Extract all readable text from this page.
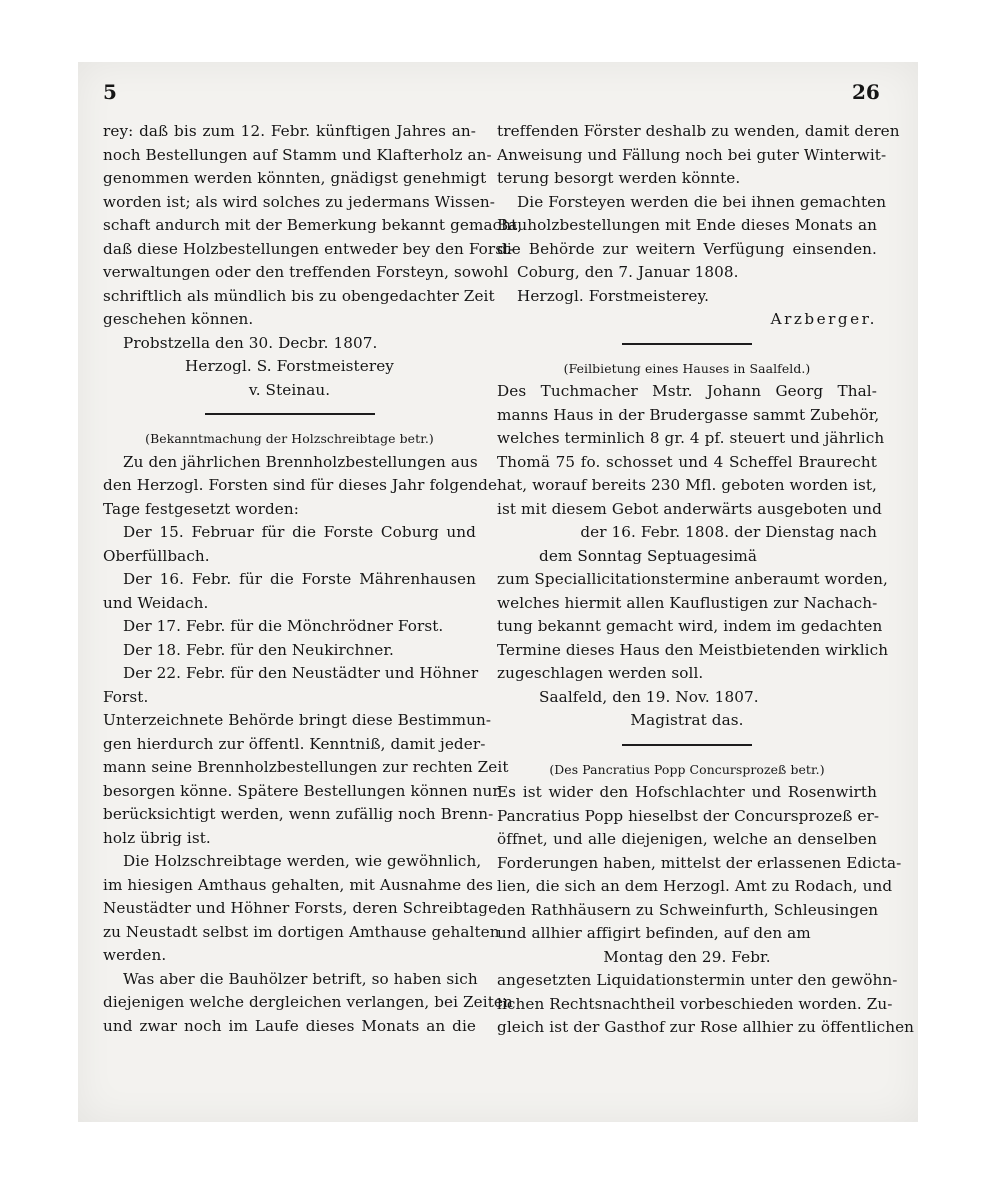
5	26
rey: daß bis zum 12. Febr. künftigen Jahres an-
noch Bestellungen auf Stamm und Klafterholz an-
genommen werden könnten, gnädigst genehmigt
worden ist; als wird solches zu jedermans Wissen-
schaft andurch mit der Bemerkung bekannt gemacht,
daß diese Holzbestellungen entweder bey den Forst-
verwaltungen oder den treffenden Forsteyn, sowohl
schriftlich als mündlich bis zu obengedachter Zeit
geschehen können.
Probstzella den 30. Decbr. 1807.
Herzogl. S. Forstmeisterey
v. Steinau.
(Bekanntmachung der Holzschreibtage betr.)
Zu den jährlichen Brennholzbestellungen aus
den Herzogl. Forsten sind für dieses Jahr folgende
Tage festgesetzt worden:
Der 15. Februar für die Forste Coburg und
Oberfüllbach.
Der 16. Febr. für die Forste Mährenhausen
und Weidach.
Der 17. Febr. für die Mönchrödner Forst.
Der 18. Febr. für den Neukirchner.
Der 22. Febr. für den Neustädter und Höhner
Forst.
Unterzeichnete Behörde bringt diese Bestimmun-
gen hierdurch zur öffentl. Kenntniß, damit jeder-
mann seine Brennholzbestellungen zur rechten Zeit
besorgen könne. Spätere Bestellungen können nur
berücksichtigt werden, wenn zufällig noch Brenn-
holz übrig ist.
Die Holzschreibtage werden, wie gewöhnlich,
im hiesigen Amthaus gehalten, mit Ausnahme des
Neustädter und Höhner Forsts, deren Schreibtage
zu Neustadt selbst im dortigen Amthause gehalten
werden.
Was aber die Bauhölzer betrift, so haben sich
diejenigen welche dergleichen verlangen, bei Zeiten
und zwar noch im Laufe dieses Monats an die
treffenden Förster deshalb zu wenden, damit deren
Anweisung und Fällung noch bei guter Winterwit-
terung besorgt werden könnte.
Die Forsteyen werden die bei ihnen gemachten
Bauholzbestellungen mit Ende dieses Monats an
die Behörde zur weitern Verfügung einsenden.
Coburg, den 7. Januar 1808.
Herzogl. Forstmeisterey.
Arzberger.
(Feilbietung eines Hauses in Saalfeld.)
Des Tuchmacher Mstr. Johann Georg Thal-
manns Haus in der Brudergasse sammt Zubehör,
welches terminlich 8 gr. 4 pf. steuert und jährlich
Thomä 75 fo. schosset und 4 Scheffel Braurecht
hat, worauf bereits 230 Mfl. geboten worden ist,
ist mit diesem Gebot anderwärts ausgeboten und
der 16. Febr. 1808. der Dienstag nach
dem Sonntag Septuagesimä
zum Speciallicitationstermine anberaumt worden,
welches hiermit allen Kauflustigen zur Nachach-
tung bekannt gemacht wird, indem im gedachten
Termine dieses Haus den Meistbietenden wirklich
zugeschlagen werden soll.
Saalfeld, den 19. Nov. 1807.
Magistrat das.
(Des Pancratius Popp Concursprozeß betr.)
Es ist wider den Hofschlachter und Rosenwirth
Pancratius Popp hieselbst der Concursprozeß er-
öffnet, und alle diejenigen, welche an denselben
Forderungen haben, mittelst der erlassenen Edicta-
lien, die sich an dem Herzogl. Amt zu Rodach, und
den Rathhäusern zu Schweinfurth, Schleusingen
und allhier affigirt befinden, auf den am
Montag den 29. Febr.
angesetzten Liquidationstermin unter den gewöhn-
lichen Rechtsnachtheil vorbeschieden worden. Zu-
gleich ist der Gasthof zur Rose allhier zu öffentlichen
